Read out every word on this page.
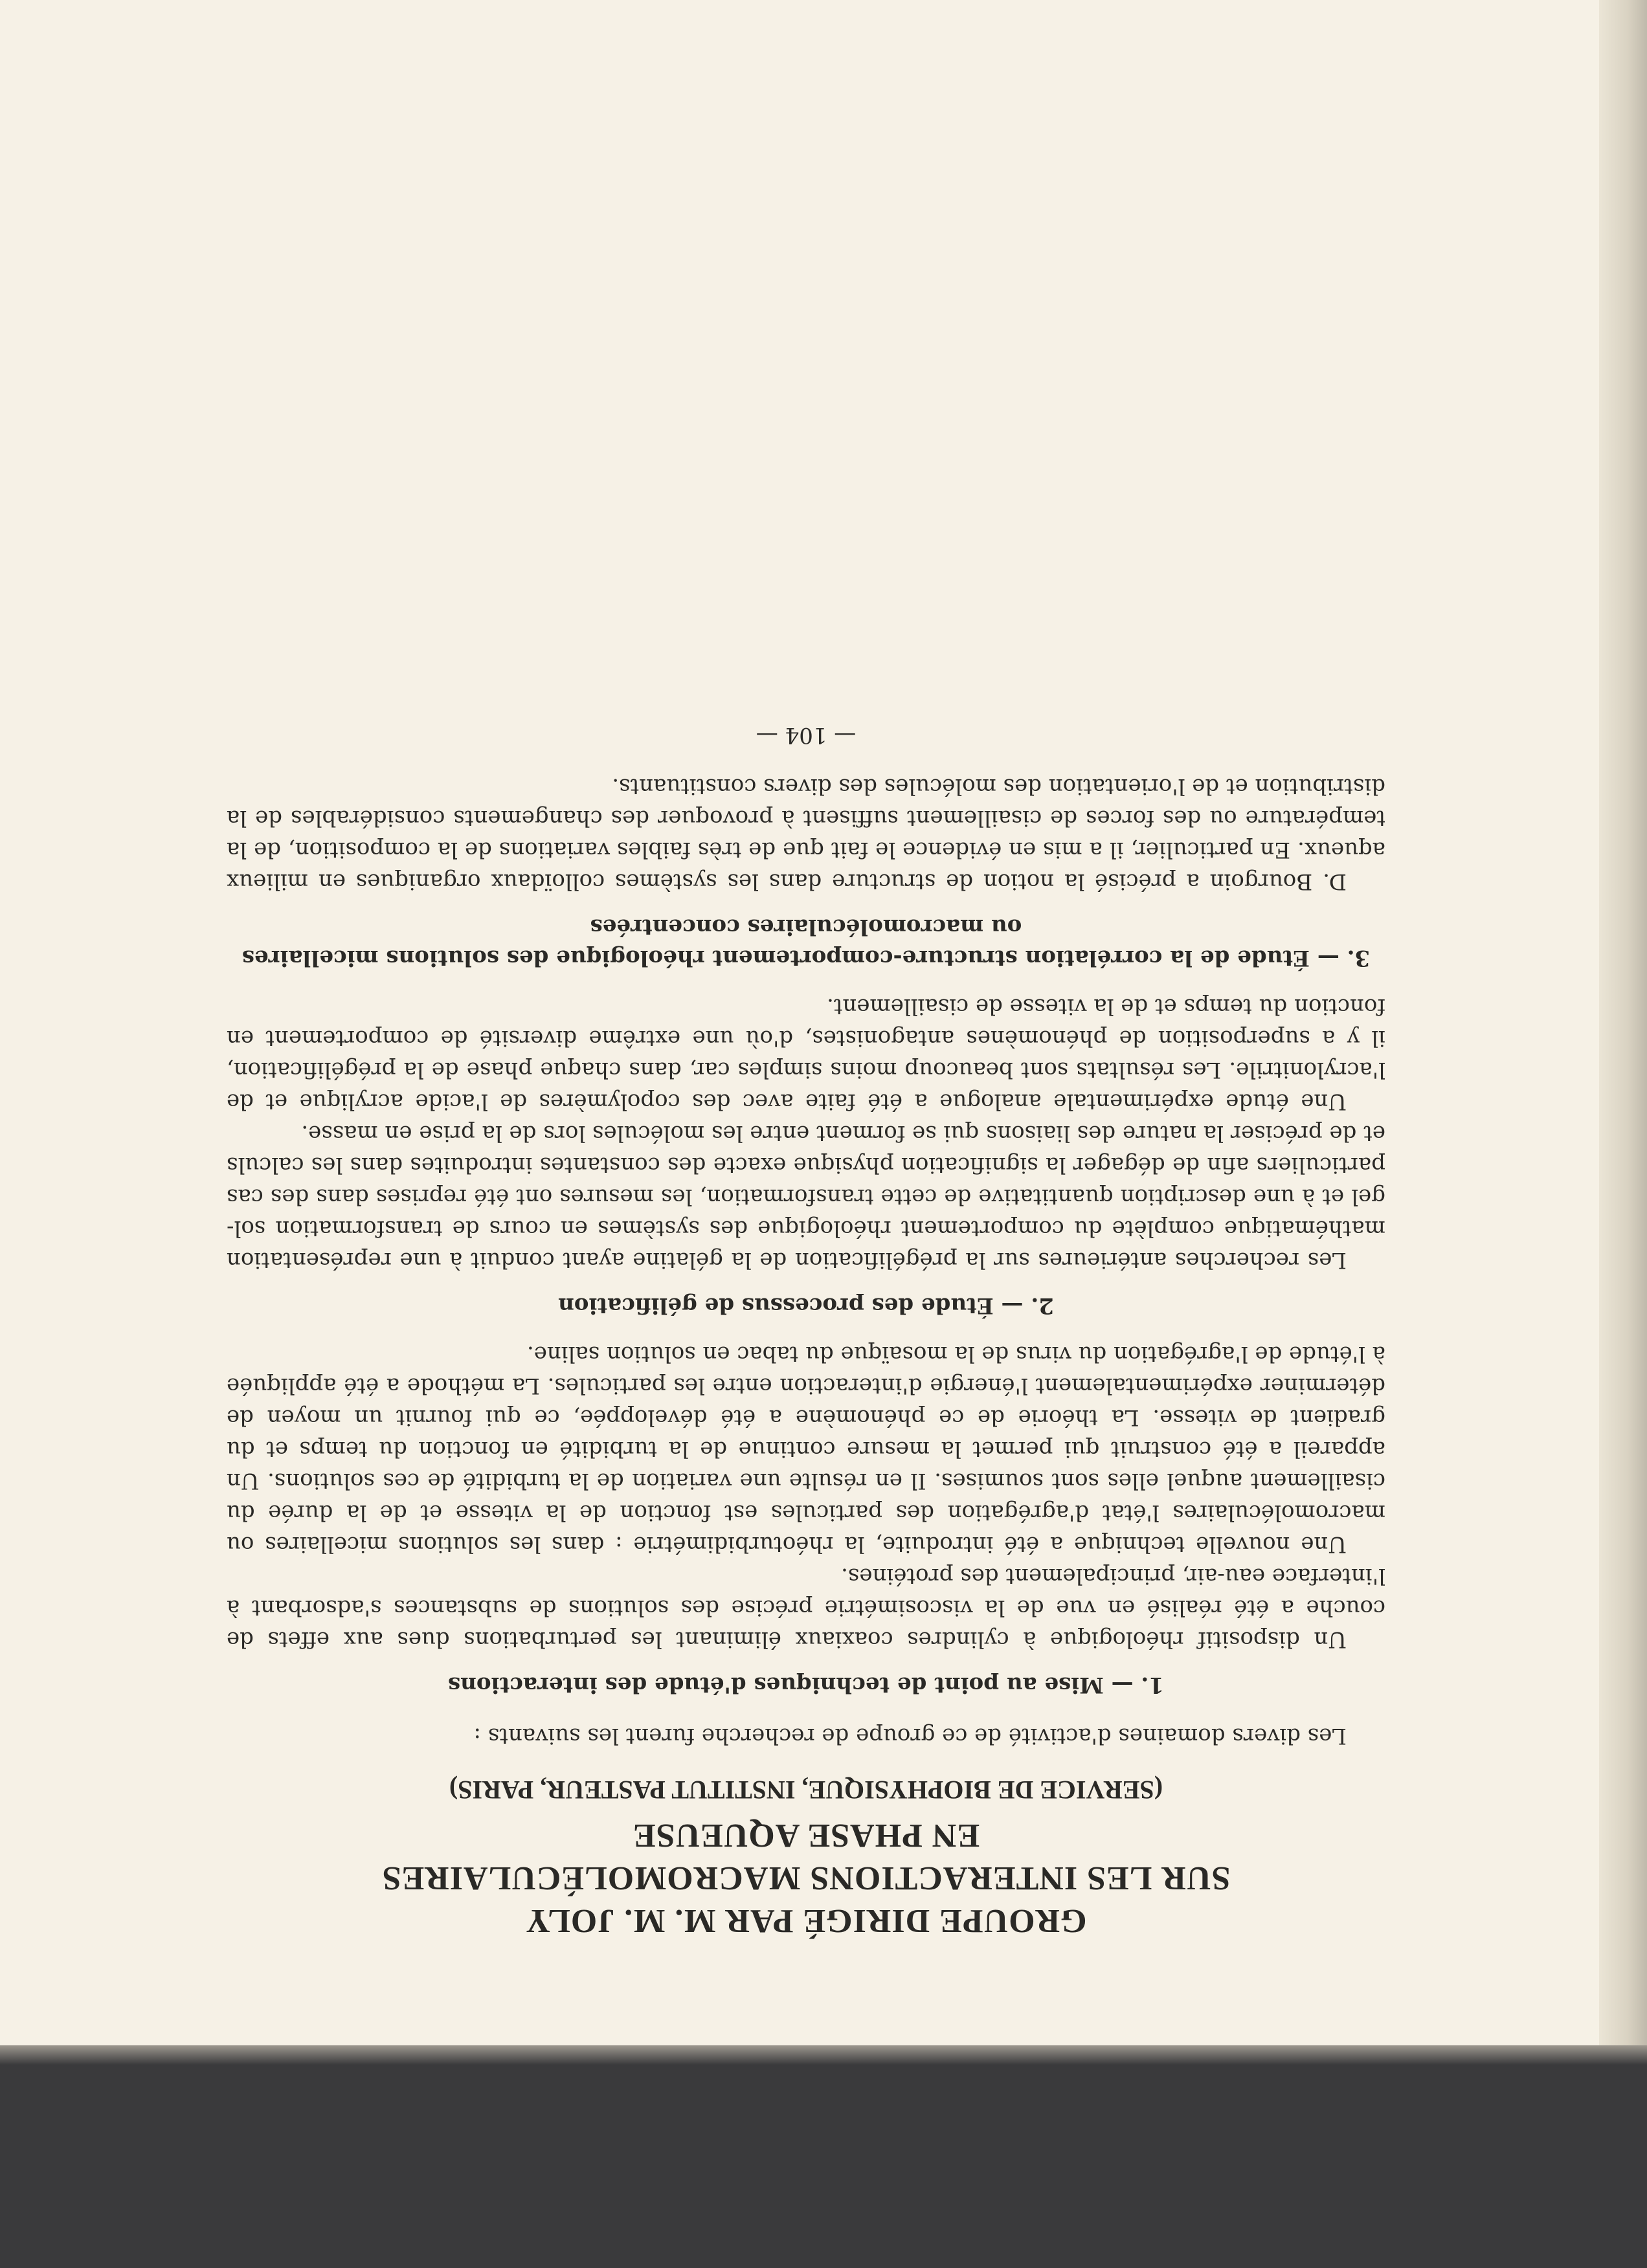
GROUPE DIRIGÉ PAR M. M. JOLY
SUR LES INTERACTIONS MACROMOLÉCULAIRES
EN PHASE AQUEUSE
(SERVICE DE BIOPHYSIQUE, INSTITUT PASTEUR, PARIS)

Les divers domaines d'activité de ce groupe de recherche furent les suivants :

1. — Mise au point de techniques d'étude des interactions

Un dispositif rhéologique à cylindres coaxiaux éliminant les perturbations dues aux effets de couche a été réalisé en vue de la viscosimétrie précise des solutions de substances s'adsorbant à l'interface eau-air, principalement des protéines.

Une nouvelle technique a été introduite, la rhéoturbidimétrie : dans les solutions micellaires ou macromoléculaires l'état d'agrégation des particules est fonction de la vitesse et de la durée du cisaillement auquel elles sont soumises. Il en résulte une variation de la turbidité de ces solutions. Un appareil a été construit qui permet la mesure continue de la turbidité en fonction du temps et du gradient de vitesse. La théorie de ce phénomène a été développée, ce qui fournit un moyen de déterminer expérimentalement l'énergie d'interaction entre les particules. La méthode a été appliquée à l'étude de l'agrégation du virus de la mosaïque du tabac en solution saline.

2. — Étude des processus de gélification

Les recherches antérieures sur la prégélification de la gélatine ayant conduit à une représentation mathématique complète du comportement rhéologique des systèmes en cours de transformation sol-gel et à une description quantitative de cette transformation, les mesures ont été reprises dans des cas particuliers afin de dégager la signification physique exacte des constantes introduites dans les calculs et de préciser la nature des liaisons qui se forment entre les molécules lors de la prise en masse.

Une étude expérimentale analogue a été faite avec des copolymères de l'acide acrylique et de l'acrylonitrile. Les résultats sont beaucoup moins simples car, dans chaque phase de la prégélification, il y a superposition de phénomènes antagonistes, d'où une extrême diversité de comportement en fonction du temps et de la vitesse de cisaillement.

3. — Étude de la corrélation structure-comportement rhéologique des solutions micellaires ou macromoléculaires concentrées

D. Bourgoin a précisé la notion de structure dans les systèmes colloïdaux organiques en milieux aqueux. En particulier, il a mis en évidence le fait que de très faibles variations de la composition, de la température ou des forces de cisaillement suffisent à provoquer des changements considérables de la distribution et de l'orientation des molécules des divers constituants.

— 104 —
